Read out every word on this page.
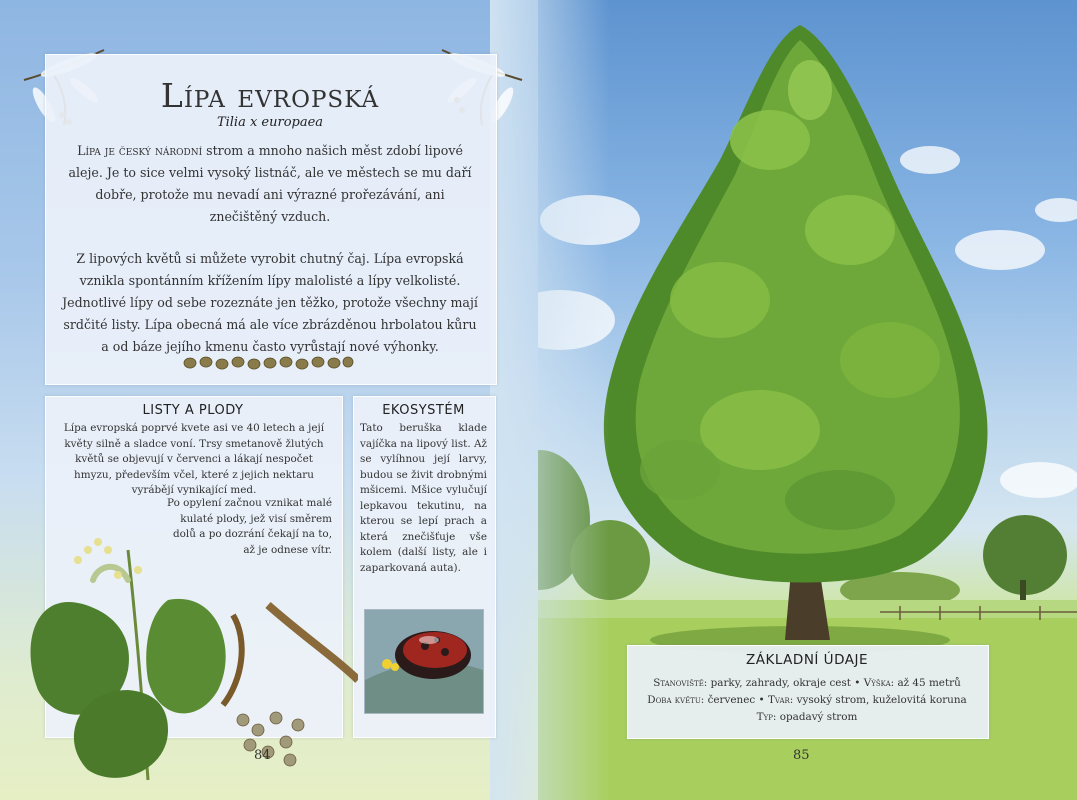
Lípa evropská
Tilia x europaea

Lípa je český národní strom a mnoho našich měst zdobí lipové aleje. Je to sice velmi vysoký listnáč, ale ve městech se mu daří dobře, protože mu nevadí ani výrazné prořezávání, ani znečištěný vzduch.

Z lipových květů si můžete vyrobit chutný čaj. Lípa evropská vznikla spontánním křížením lípy malolisté a lípy velkolisté. Jednotlivé lípy od sebe rozeznáte jen těžko, protože všechny mají srdčité listy. Lípa obecná má ale více zbrázděnou hrbolatou kůru a od báze jejího kmenu často vyrůstají nové výhonky.

LISTY A PLODY
Lípa evropská poprvé kvete asi ve 40 letech a její květy silně a sladce voní. Trsy smetanově žlutých květů se objevují v červenci a lákají nespočet hmyzu, především včel, které z jejich nektaru vyrábějí vynikající med.
Po opylení začnou vznikat malé kulaté plody, jež visí směrem dolů a po dozrání čekají na to, až je odnese vítr.
EKOSYSTÉM
Tato beruška klade vajíčka na lipový list. Až se vylíhnou její larvy, budou se živit drobnými mšicemi. Mšice vylučují lepkavou tekutinu, na kterou se lepí prach a která znečišťuje vše kolem (další listy, ale i zaparkovaná auta).
84	85
ZÁKLADNÍ ÚDAJE
Stanoviště: parky, zahrady, okraje cest • Výška: až 45 metrů
Doba květu: červenec • Tvar: vysoký strom, kuželovitá koruna
Typ: opadavý strom
